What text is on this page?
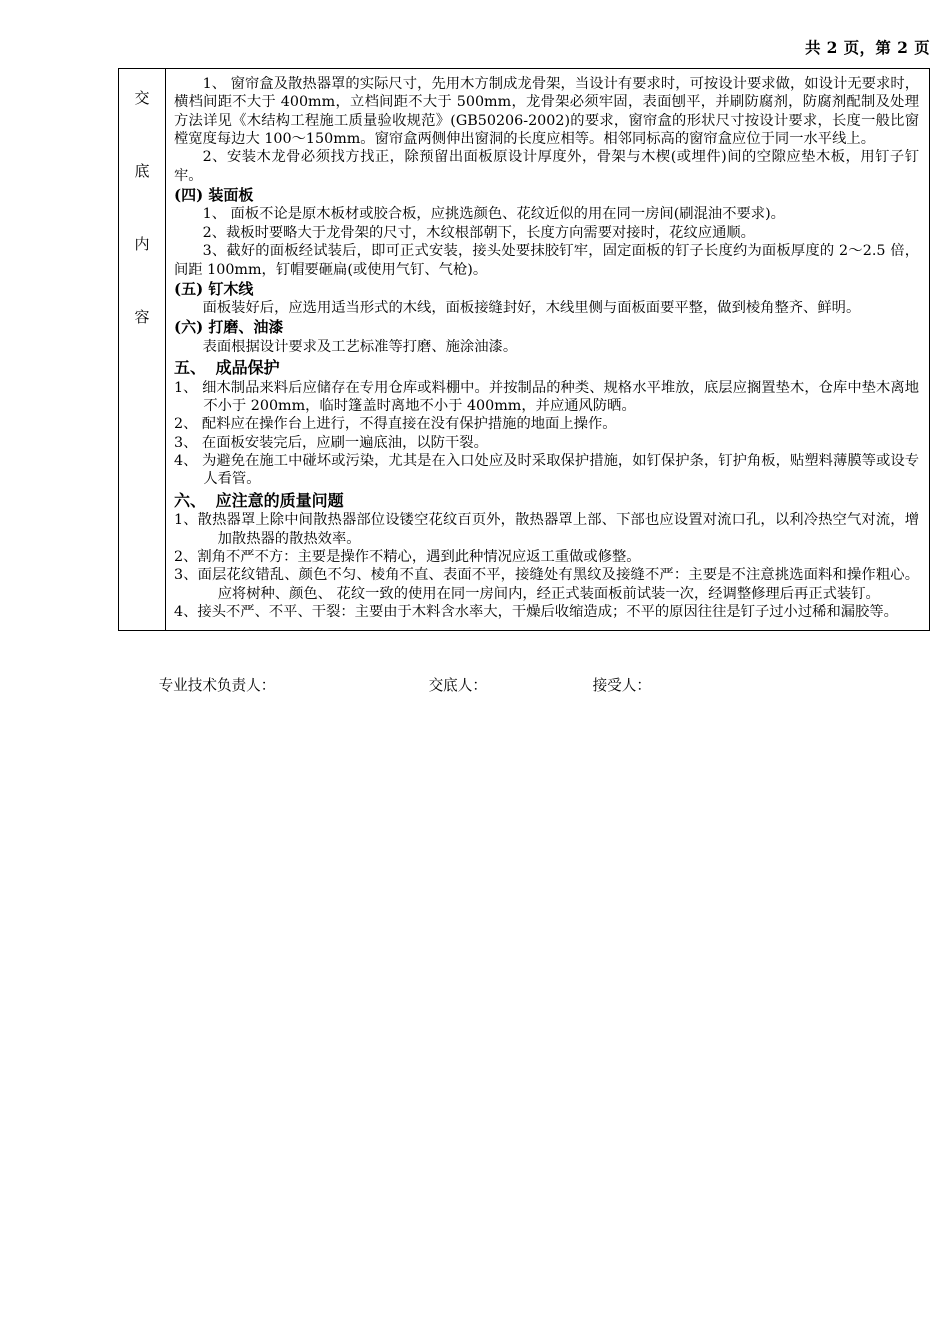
共 2 页，第 2 页
交
底
内
容

1、 窗帘盒及散热器罩的实际尺寸，先用木方制成龙骨架，当设计有要求时，可按设计要求做，如设计无要求时，横档间距不大于 400mm，立档间距不大于 500mm，龙骨架必须牢固，表面刨平，并刷防腐剂，防腐剂配制及处理方法详见《木结构工程施工质量验收规范》(GB50206-2002)的要求，窗帘盒的形状尺寸按设计要求，长度一般比窗樘宽度每边大 100～150mm。窗帘盒两侧伸出窗洞的长度应相等。相邻同标高的窗帘盒应位于同一水平线上。

2、安装木龙骨必须找方找正，除预留出面板原设计厚度外，骨架与木楔(或埋件)间的空隙应垫木板，用钉子钉牢。

(四) 装面板

1、 面板不论是原木板材或胶合板，应挑选颜色、花纹近似的用在同一房间(刷混油不要求)。

2、裁板时要略大于龙骨架的尺寸，木纹根部朝下，长度方向需要对接时，花纹应通顺。

3、截好的面板经试装后，即可正式安装，接头处要抹胶钉牢，固定面板的钉子长度约为面板厚度的 2～2.5 倍，间距 100mm，钉帽要砸扁(或使用气钉、气枪)。

(五) 钉木线

面板装好后，应选用适当形式的木线，面板接缝封好，木线里侧与面板面要平整，做到棱角整齐、鲜明。

(六) 打磨、油漆

表面根据设计要求及工艺标准等打磨、施涂油漆。

五、 成品保护

1、 细木制品来料后应储存在专用仓库或料棚中。并按制品的种类、规格水平堆放，底层应搁置垫木，仓库中垫木离地不小于 200mm，临时篷盖时离地不小于 400mm，并应通风防晒。

2、 配料应在操作台上进行，不得直接在没有保护措施的地面上操作。

3、 在面板安装完后，应刷一遍底油，以防干裂。

4、 为避免在施工中碰坏或污染，尤其是在入口处应及时采取保护措施，如钉保护条，钉护角板，贴塑料薄膜等或设专人看管。

六、 应注意的质量问题

1、散热器罩上除中间散热器部位设镂空花纹百页外，散热器罩上部、下部也应设置对流口孔，以利冷热空气对流，增加散热器的散热效率。

2、割角不严不方：主要是操作不精心，遇到此种情况应返工重做或修整。

3、面层花纹错乱、颜色不匀、棱角不直、表面不平，接缝处有黑纹及接缝不严：主要是不注意挑选面料和操作粗心。应将树种、颜色、 花纹一致的使用在同一房间内，经正式装面板前试装一次，经调整修理后再正式装钉。

4、接头不严、不平、干裂：主要由于木料含水率大，干燥后收缩造成；不平的原因往往是钉子过小过稀和漏胶等。

专业技术负责人：	交底人：	接受人：
